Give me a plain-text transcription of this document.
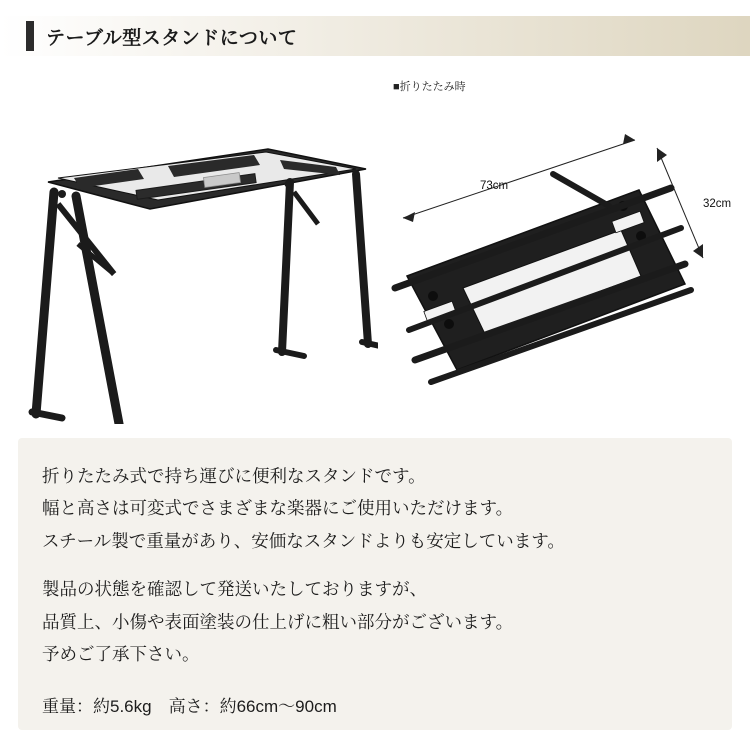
テーブル型スタンドについて
■折りたたみ時
73cm
32cm
折りたたみ式で持ち運びに便利なスタンドです。
幅と高さは可変式でさまざまな楽器にご使用いただけます。
スチール製で重量があり、安価なスタンドよりも安定しています。
製品の状態を確認して発送いたしておりますが、
品質上、小傷や表面塗装の仕上げに粗い部分がございます。
予めご了承下さい。
重量：約5.6kg　高さ：約66cm〜90cm
